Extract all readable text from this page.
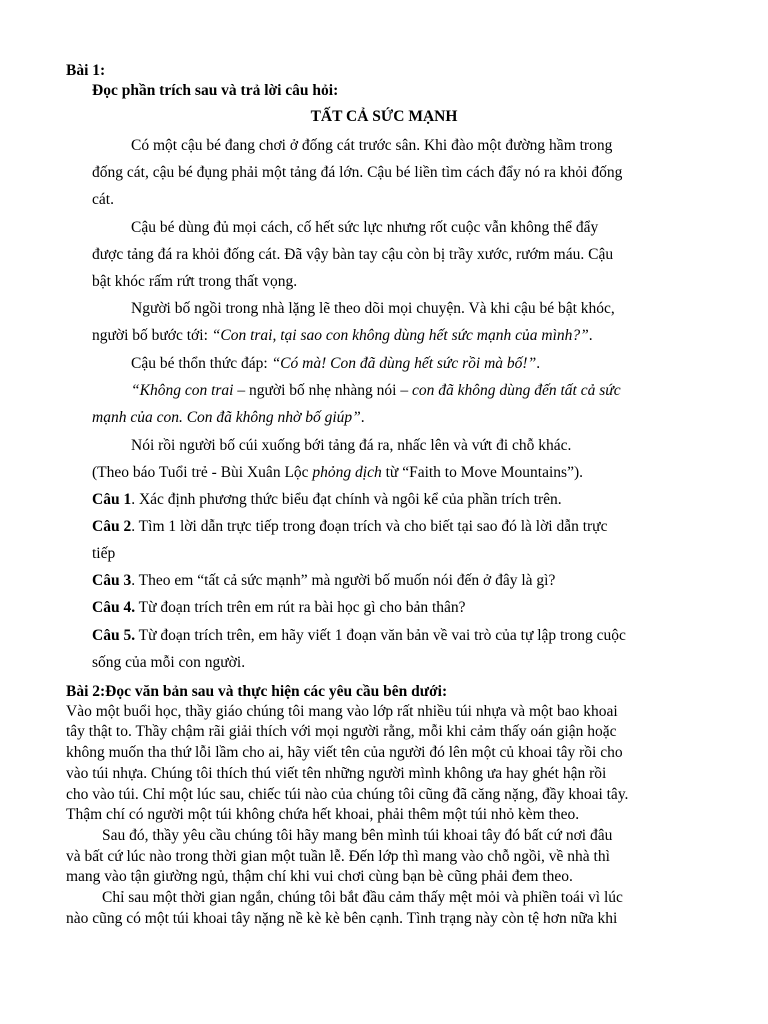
Bài 1:
Đọc phần trích sau và trả lời câu hỏi:
TẤT CẢ SỨC MẠNH
Có một cậu bé đang chơi ở đống cát trước sân. Khi đào một đường hầm trong
đống cát, cậu bé đụng phải một tảng đá lớn. Cậu bé liền tìm cách đẩy nó ra khỏi đống
cát.
Cậu bé dùng đủ mọi cách, cố hết sức lực nhưng rốt cuộc vẫn không thể đẩy
được tảng đá ra khỏi đống cát. Đã vậy bàn tay cậu còn bị trầy xước, rướm máu. Cậu
bật khóc rấm rứt trong thất vọng.
Người bố ngồi trong nhà lặng lẽ theo dõi mọi chuyện. Và khi cậu bé bật khóc,
người bố bước tới: “Con trai, tại sao con không dùng hết sức mạnh của mình?”.
Cậu bé thổn thức đáp: “Có mà! Con đã dùng hết sức rồi mà bố!”.
“Không con trai – người bố nhẹ nhàng nói – con đã không dùng đến tất cả sức
mạnh của con. Con đã không nhờ bố giúp”.
Nói rồi người bố cúi xuống bới tảng đá ra, nhấc lên và vứt đi chỗ khác.
(Theo báo Tuổi trẻ - Bùi Xuân Lộc phỏng dịch từ “Faith to Move Mountains”).
Câu 1. Xác định phương thức biểu đạt chính và ngôi kể của phần trích trên.
Câu 2. Tìm 1 lời dẫn trực tiếp trong đoạn trích và cho biết tại sao đó là lời dẫn trực
tiếp
Câu 3. Theo em “tất cả sức mạnh” mà người bố muốn nói đến ở đây là gì?
Câu 4. Từ đoạn trích trên em rút ra bài học gì cho bản thân?
Câu 5. Từ đoạn trích trên, em hãy viết 1 đoạn văn bản về vai trò của tự lập trong cuộc
sống của mỗi con người.
Bài 2:Đọc văn bản sau và thực hiện các yêu cầu bên dưới:
Vào một buổi học, thầy giáo chúng tôi mang vào lớp rất nhiều túi nhựa và một bao khoai
tây thật to. Thầy chậm rãi giải thích với mọi người rằng, mỗi khi cảm thấy oán giận hoặc
không muốn tha thứ lỗi lầm cho ai, hãy viết tên của người đó lên một củ khoai tây rồi cho
vào túi nhựa. Chúng tôi thích thú viết tên những người mình không ưa hay ghét hận rồi
cho vào túi. Chỉ một lúc sau, chiếc túi nào của chúng tôi cũng đã căng nặng, đầy khoai tây.
Thậm chí có người một túi không chứa hết khoai, phải thêm một túi nhỏ kèm theo.
Sau đó, thầy yêu cầu chúng tôi hãy mang bên mình túi khoai tây đó bất cứ nơi đâu
và bất cứ lúc nào trong thời gian một tuần lễ. Đến lớp thì mang vào chỗ ngồi, về nhà thì
mang vào tận giường ngủ, thậm chí khi vui chơi cùng bạn bè cũng phải đem theo.
Chỉ sau một thời gian ngắn, chúng tôi bắt đầu cảm thấy mệt mỏi và phiền toái vì lúc
nào cũng có một túi khoai tây nặng nề kè kè bên cạnh. Tình trạng này còn tệ hơn nữa khi
